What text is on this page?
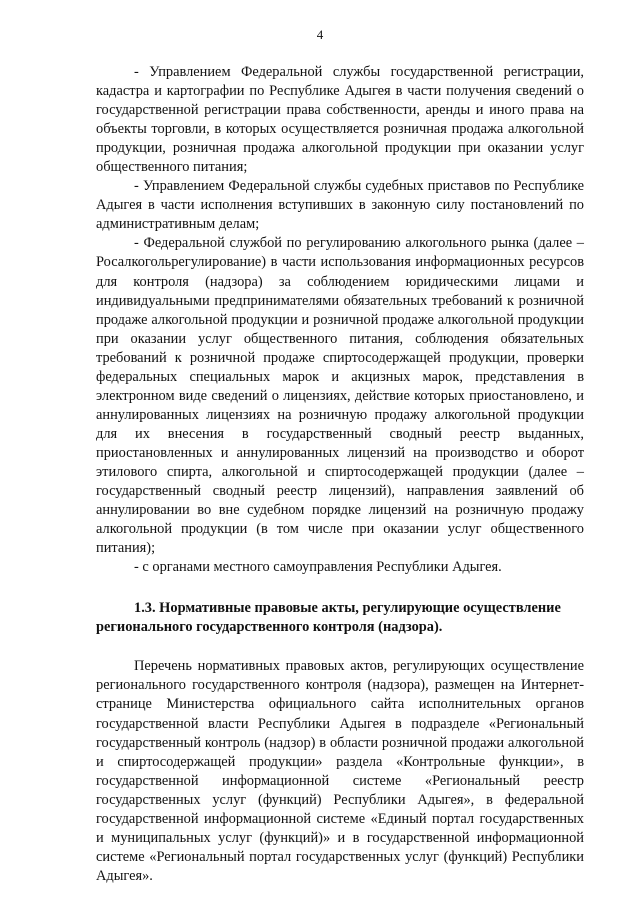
4

- Управлением Федеральной службы государственной регистрации, кадастра и картографии по Республике Адыгея в части получения сведений о государственной регистрации права собственности, аренды и иного права на объекты торговли, в которых осуществляется розничная продажа алкогольной продукции, розничная продажа алкогольной продукции при оказании услуг общественного питания;

- Управлением Федеральной службы судебных приставов по Республике Адыгея в части исполнения вступивших в законную силу постановлений по административным делам;

- Федеральной службой по регулированию алкогольного рынка (далее – Росалкогольрегулирование) в части использования информационных ресурсов для контроля (надзора) за соблюдением юридическими лицами и индивидуальными предпринимателями обязательных требований к розничной продаже алкогольной продукции и розничной продаже алкогольной продукции при оказании услуг общественного питания, соблюдения обязательных требований к розничной продаже спиртосодержащей продукции, проверки федеральных специальных марок и акцизных марок, представления в электронном виде сведений о лицензиях, действие которых приостановлено, и аннулированных лицензиях на розничную продажу алкогольной продукции для их внесения в государственный сводный реестр выданных, приостановленных и аннулированных лицензий на производство и оборот этилового спирта, алкогольной и спиртосодержащей продукции (далее – государственный сводный реестр лицензий), направления заявлений об аннулировании во вне судебном порядке лицензий на розничную продажу алкогольной продукции (в том числе при оказании услуг общественного питания);

- с органами местного самоуправления Республики Адыгея.

1.3. Нормативные правовые акты, регулирующие осуществление регионального государственного контроля (надзора).

Перечень нормативных правовых актов, регулирующих осуществление регионального государственного контроля (надзора), размещен на Интернет-странице Министерства официального сайта исполнительных органов государственной власти Республики Адыгея в подразделе «Региональный государственный контроль (надзор) в области розничной продажи алкогольной и спиртосодержащей продукции» раздела «Контрольные функции», в государственной информационной системе «Региональный реестр государственных услуг (функций) Республики Адыгея», в федеральной государственной информационной системе «Единый портал государственных и муниципальных услуг (функций)» и в государственной информационной системе «Региональный портал государственных услуг (функций) Республики Адыгея».
